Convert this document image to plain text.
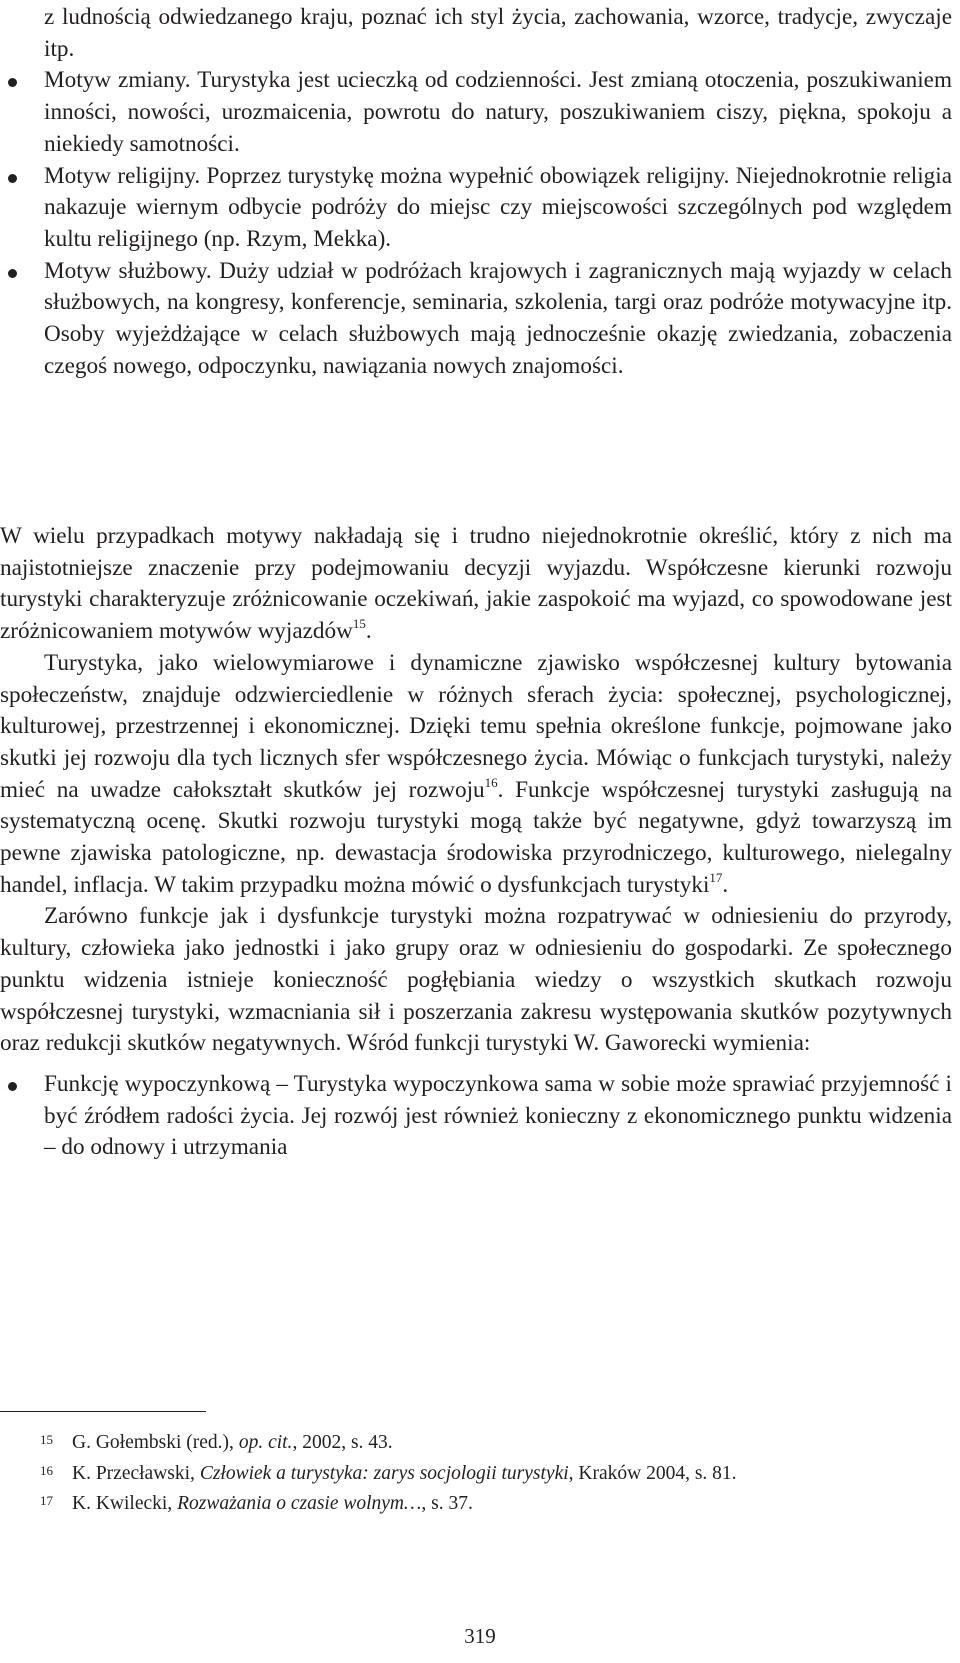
z ludnością odwiedzanego kraju, poznać ich styl życia, zachowania, wzorce, tradycje, zwyczaje itp.
Motyw zmiany. Turystyka jest ucieczką od codzienności. Jest zmianą otoczenia, poszukiwaniem inności, nowości, urozmaicenia, powrotu do natury, poszukiwaniem ciszy, piękna, spokoju a niekiedy samotności.
Motyw religijny. Poprzez turystykę można wypełnić obowiązek religijny. Niejednokrotnie religia nakazuje wiernym odbycie podróży do miejsc czy miejscowości szczególnych pod względem kultu religijnego (np. Rzym, Mekka).
Motyw służbowy. Duży udział w podróżach krajowych i zagranicznych mają wyjazdy w celach służbowych, na kongresy, konferencje, seminaria, szkolenia, targi oraz podróże motywacyjne itp. Osoby wyjeżdżające w celach służbowych mają jednocześnie okazję zwiedzania, zobaczenia czegoś nowego, odpoczynku, nawiązania nowych znajomości.

W wielu przypadkach motywy nakładają się i trudno niejednokrotnie określić, który z nich ma najistotniejsze znaczenie przy podejmowaniu decyzji wyjazdu. Współczesne kierunki rozwoju turystyki charakteryzuje zróżnicowanie oczekiwań, jakie zaspokoić ma wyjazd, co spowodowane jest zróżnicowaniem motywów wyjazdów$^{15}$.

Turystyka, jako wielowymiarowe i dynamiczne zjawisko współczesnej kultury bytowania społeczeństw, znajduje odzwierciedlenie w różnych sferach życia: społecznej, psychologicznej, kulturowej, przestrzennej i ekonomicznej. Dzięki temu spełnia określone funkcje, pojmowane jako skutki jej rozwoju dla tych licznych sfer współczesnego życia. Mówiąc o funkcjach turystyki, należy mieć na uwadze całokształt skutków jej rozwoju$^{16}$. Funkcje współczesnej turystyki zasługują na systematyczną ocenę. Skutki rozwoju turystyki mogą także być negatywne, gdyż towarzyszą im pewne zjawiska patologiczne, np. dewastacja środowiska przyrodniczego, kulturowego, nielegalny handel, inflacja. W takim przypadku można mówić o dysfunkcjach turystyki$^{17}$.

Zarówno funkcje jak i dysfunkcje turystyki można rozpatrywać w odniesieniu do przyrody, kultury, człowieka jako jednostki i jako grupy oraz w odniesieniu do gospodarki. Ze społecznego punktu widzenia istnieje konieczność pogłębiania wiedzy o wszystkich skutkach rozwoju współczesnej turystyki, wzmacniania sił i poszerzania zakresu występowania skutków pozytywnych oraz redukcji skutków negatywnych. Wśród funkcji turystyki W. Gaworecki wymienia:

Funkcję wypoczynkową – Turystyka wypoczynkowa sama w sobie może sprawiać przyjemność i być źródłem radości życia. Jej rozwój jest również konieczny z ekonomicznego punktu widzenia – do odnowy i utrzymania
15 G. Gołembski (red.), op. cit., 2002, s. 43.
16 K. Przecławski, Człowiek a turystyka: zarys socjologii turystyki, Kraków 2004, s. 81.
17 K. Kwilecki, Rozważania o czasie wolnym…, s. 37.
319
